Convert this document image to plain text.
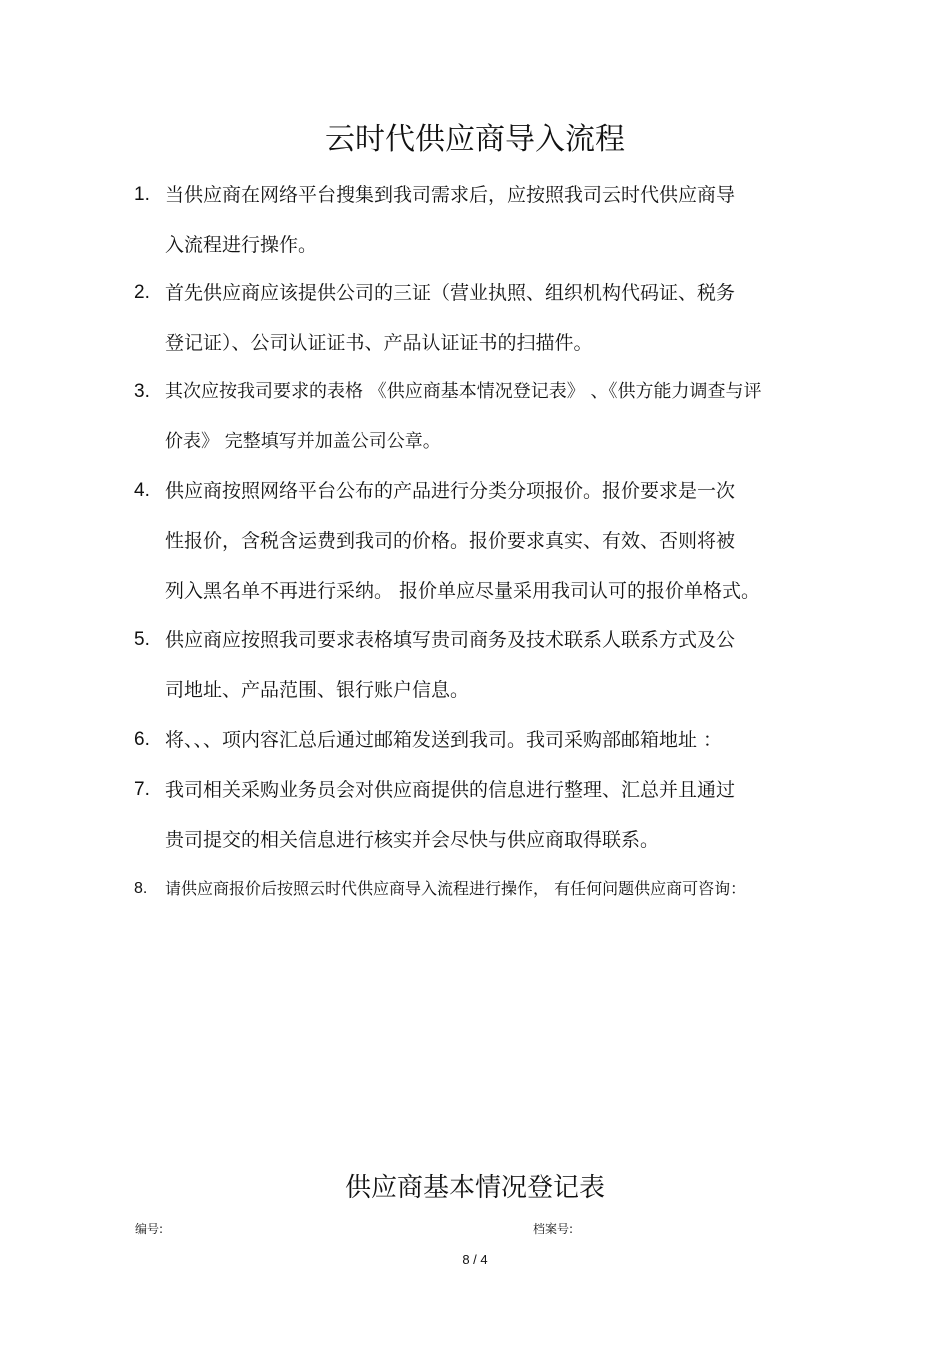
云时代供应商导入流程
1. 当供应商在网络平台搜集到我司需求后，应按照我司云时代供应商导
入流程进行操作。
2. 首先供应商应该提供公司的三证（营业执照、组织机构代码证、税务
登记证）、公司认证证书、产品认证证书的扫描件。
3. 其次应按我司要求的表格 《供应商基本情况登记表》 、《供方能力调查与评
价表》 完整填写并加盖公司公章。
4. 供应商按照网络平台公布的产品进行分类分项报价。报价要求是一次
性报价，含税含运费到我司的价格。报价要求真实、有效、否则将被
列入黑名单不再进行采纳。 报价单应尽量采用我司认可的报价单格式。
5. 供应商应按照我司要求表格填写贵司商务及技术联系人联系方式及公
司地址、产品范围、银行账户信息。
6. 将、、、项内容汇总后通过邮箱发送到我司。我司采购部邮箱地址 ：
7. 我司相关采购业务员会对供应商提供的信息进行整理、汇总并且通过
贵司提交的相关信息进行核实并会尽快与供应商取得联系。
8.	请供应商报价后按照云时代供应商导入流程进行操作， 有任何问题供应商可咨询：
供应商基本情况登记表
编号:	档案号:
8 / 4
